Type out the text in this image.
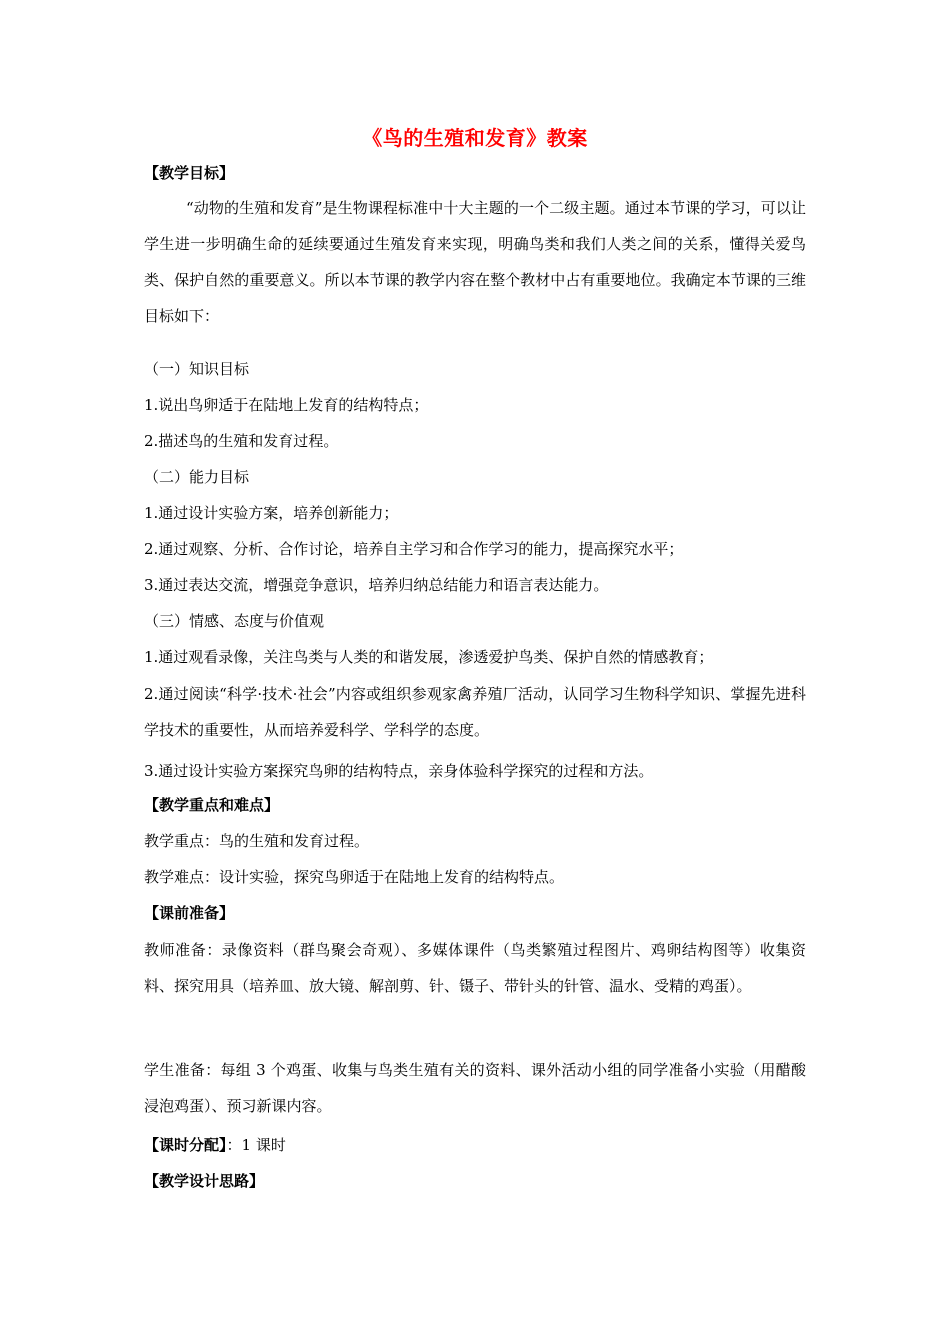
《鸟的生殖和发育》教案
【教学目标】
“动物的生殖和发育”是生物课程标准中十大主题的一个二级主题。通过本节课的学习，可以让学生进一步明确生命的延续要通过生殖发育来实现，明确鸟类和我们人类之间的关系，懂得关爱鸟类、保护自然的重要意义。所以本节课的教学内容在整个教材中占有重要地位。我确定本节课的三维目标如下：
（一）知识目标
1.说出鸟卵适于在陆地上发育的结构特点；
2.描述鸟的生殖和发育过程。
（二）能力目标
1.通过设计实验方案，培养创新能力；
2.通过观察、分析、合作讨论，培养自主学习和合作学习的能力，提高探究水平；
3.通过表达交流，增强竞争意识，培养归纳总结能力和语言表达能力。
（三）情感、态度与价值观
1.通过观看录像，关注鸟类与人类的和谐发展，渗透爱护鸟类、保护自然的情感教育；
2.通过阅读“科学·技术·社会”内容或组织参观家禽养殖厂活动，认同学习生物科学知识、掌握先进科学技术的重要性，从而培养爱科学、学科学的态度。
3.通过设计实验方案探究鸟卵的结构特点，亲身体验科学探究的过程和方法。
【教学重点和难点】
教学重点：鸟的生殖和发育过程。
教学难点：设计实验，探究鸟卵适于在陆地上发育的结构特点。
【课前准备】
教师准备：录像资料（群鸟聚会奇观）、多媒体课件（鸟类繁殖过程图片、鸡卵结构图等）收集资料、探究用具（培养皿、放大镜、解剖剪、针、镊子、带针头的针管、温水、受精的鸡蛋）。
学生准备：每组 3 个鸡蛋、收集与鸟类生殖有关的资料、课外活动小组的同学准备小实验（用醋酸浸泡鸡蛋）、预习新课内容。
【课时分配】：1 课时
【教学设计思路】
